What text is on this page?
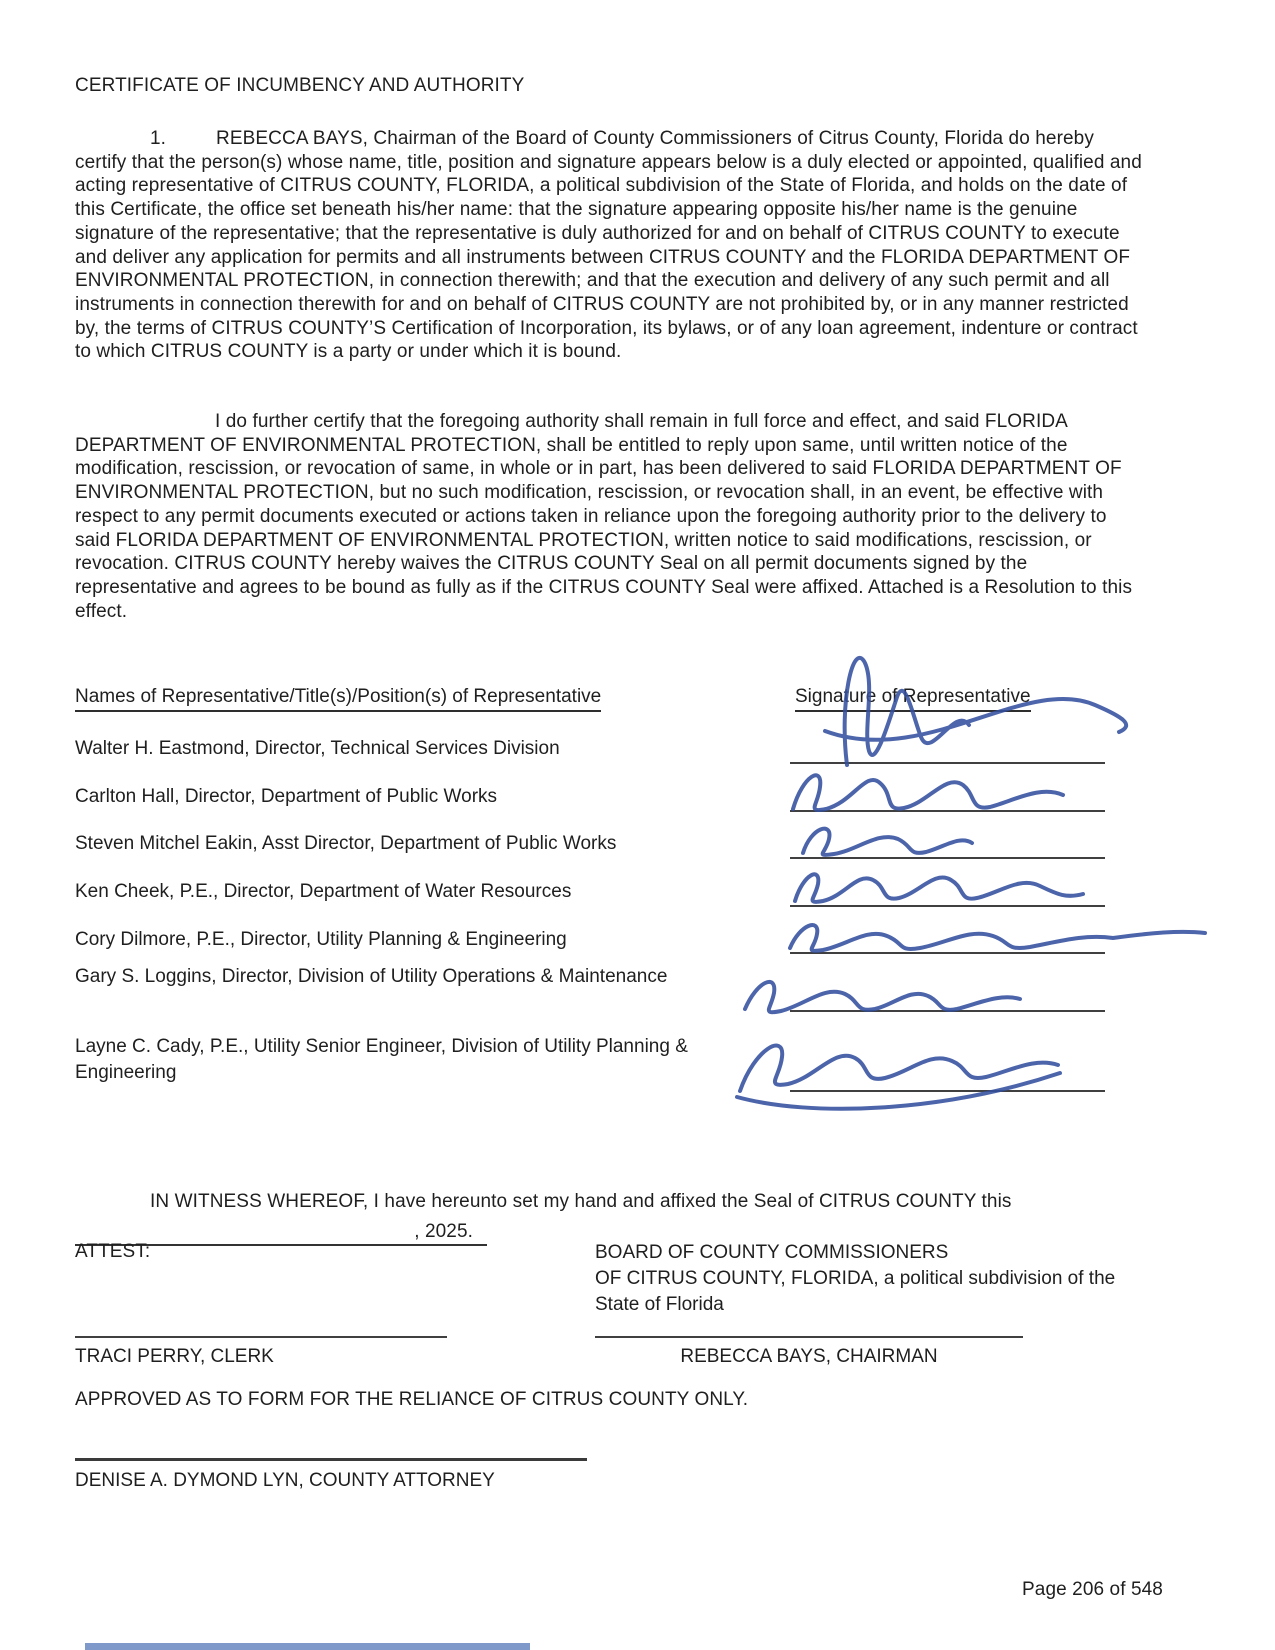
CERTIFICATE OF INCUMBENCY AND AUTHORITY

1.	REBECCA BAYS, Chairman of the Board of County Commissioners of Citrus County, Florida do hereby certify that the person(s) whose name, title, position and signature appears below is a duly elected or appointed, qualified and acting representative of CITRUS COUNTY, FLORIDA, a political subdivision of the State of Florida, and holds on the date of this Certificate, the office set beneath his/her name: that the signature appearing opposite his/her name is the genuine signature of the representative; that the representative is duly authorized for and on behalf of CITRUS COUNTY to execute and deliver any application for permits and all instruments between CITRUS COUNTY and the FLORIDA DEPARTMENT OF ENVIRONMENTAL PROTECTION, in connection therewith; and that the execution and delivery of any such permit and all instruments in connection therewith for and on behalf of CITRUS COUNTY are not prohibited by, or in any manner restricted by, the terms of CITRUS COUNTY’S Certification of Incorporation, its bylaws, or of any loan agreement, indenture or contract to which CITRUS COUNTY is a party or under which it is bound.

I do further certify that the foregoing authority shall remain in full force and effect, and said FLORIDA DEPARTMENT OF ENVIRONMENTAL PROTECTION, shall be entitled to reply upon same, until written notice of the modification, rescission, or revocation of same, in whole or in part, has been delivered to said FLORIDA DEPARTMENT OF ENVIRONMENTAL PROTECTION, but no such modification, rescission, or revocation shall, in an event, be effective with respect to any permit documents executed or actions taken in reliance upon the foregoing authority prior to the delivery to said FLORIDA DEPARTMENT OF ENVIRONMENTAL PROTECTION, written notice to said modifications, rescission, or revocation. CITRUS COUNTY hereby waives the CITRUS COUNTY Seal on all permit documents signed by the representative and agrees to be bound as fully as if the CITRUS COUNTY Seal were affixed. Attached is a Resolution to this effect.

Names of Representative/Title(s)/Position(s) of Representative	Signature of Representative
Walter H. Eastmond, Director, Technical Services Division
Carlton Hall, Director, Department of Public Works
Steven Mitchel Eakin, Asst Director, Department of Public Works
Ken Cheek, P.E., Director, Department of Water Resources
Cory Dilmore, P.E., Director, Utility Planning & Engineering
Gary S. Loggins, Director, Division of Utility Operations & Maintenance
Layne C. Cady, P.E., Utility Senior Engineer, Division of Utility Planning & Engineering

IN WITNESS WHEREOF, I have hereunto set my hand and affixed the Seal of CITRUS COUNTY this

, 2025.
ATTEST:	BOARD OF COUNTY COMMISSIONERS
OF CITRUS COUNTY, FLORIDA, a political subdivision of the
State of Florida
TRACI PERRY, CLERK	REBECCA BAYS, CHAIRMAN
APPROVED AS TO FORM FOR THE RELIANCE OF CITRUS COUNTY ONLY.
DENISE A. DYMOND LYN, COUNTY ATTORNEY
Page 206 of 548
